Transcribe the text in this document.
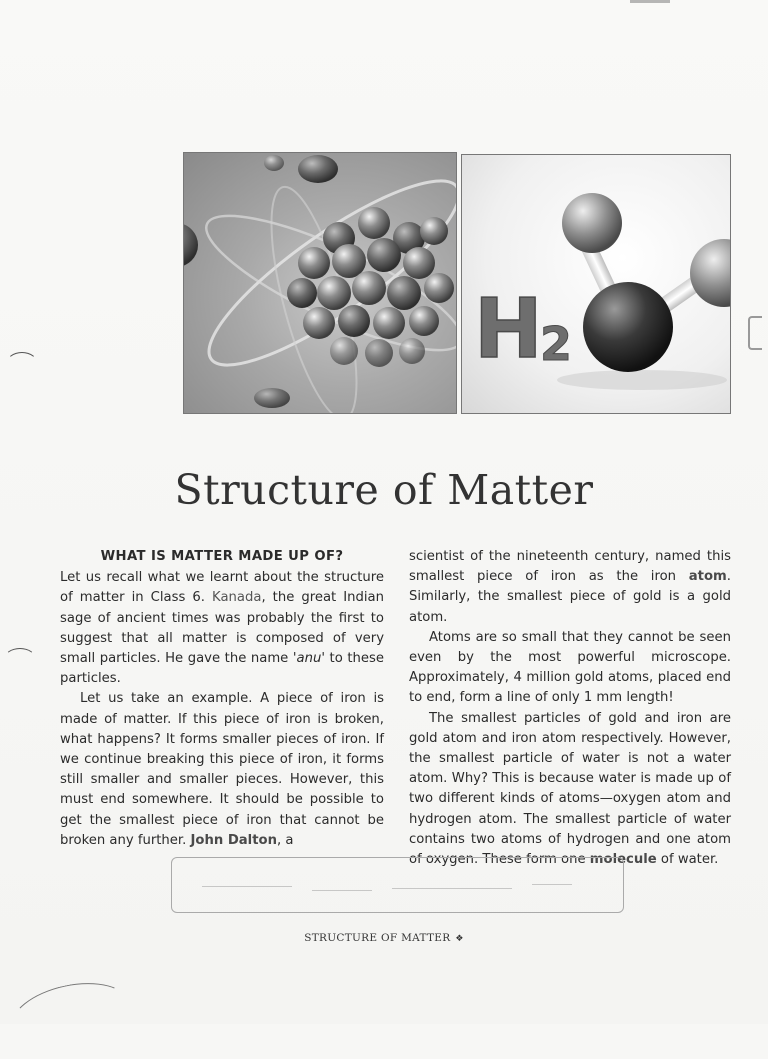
H
2
Structure of Matter
WHAT IS MATTER MADE UP OF?

Let us recall what we learnt about the structure of matter in Class 6. Kanada, the great Indian sage of ancient times was probably the first to suggest that all matter is composed of very small particles. He gave the name 'anu' to these particles.

Let us take an example. A piece of iron is made of matter. If this piece of iron is broken, what happens? It forms smaller pieces of iron. If we continue breaking this piece of iron, it forms still smaller and smaller pieces. However, this must end somewhere. It should be possible to get the smallest piece of iron that cannot be broken any further. John Dalton, a

scientist of the nineteenth century, named this smallest piece of iron as the iron atom. Similarly, the smallest piece of gold is a gold atom.

Atoms are so small that they cannot be seen even by the most powerful microscope. Approximately, 4 million gold atoms, placed end to end, form a line of only 1 mm length!

The smallest particles of gold and iron are gold atom and iron atom respectively. However, the smallest particle of water is not a water atom. Why? This is because water is made up of two different kinds of atoms—oxygen atom and hydrogen atom. The smallest particle of water contains two atoms of hydrogen and one atom of oxygen. These form one molecule of water.

STRUCTURE OF MATTER ❖
